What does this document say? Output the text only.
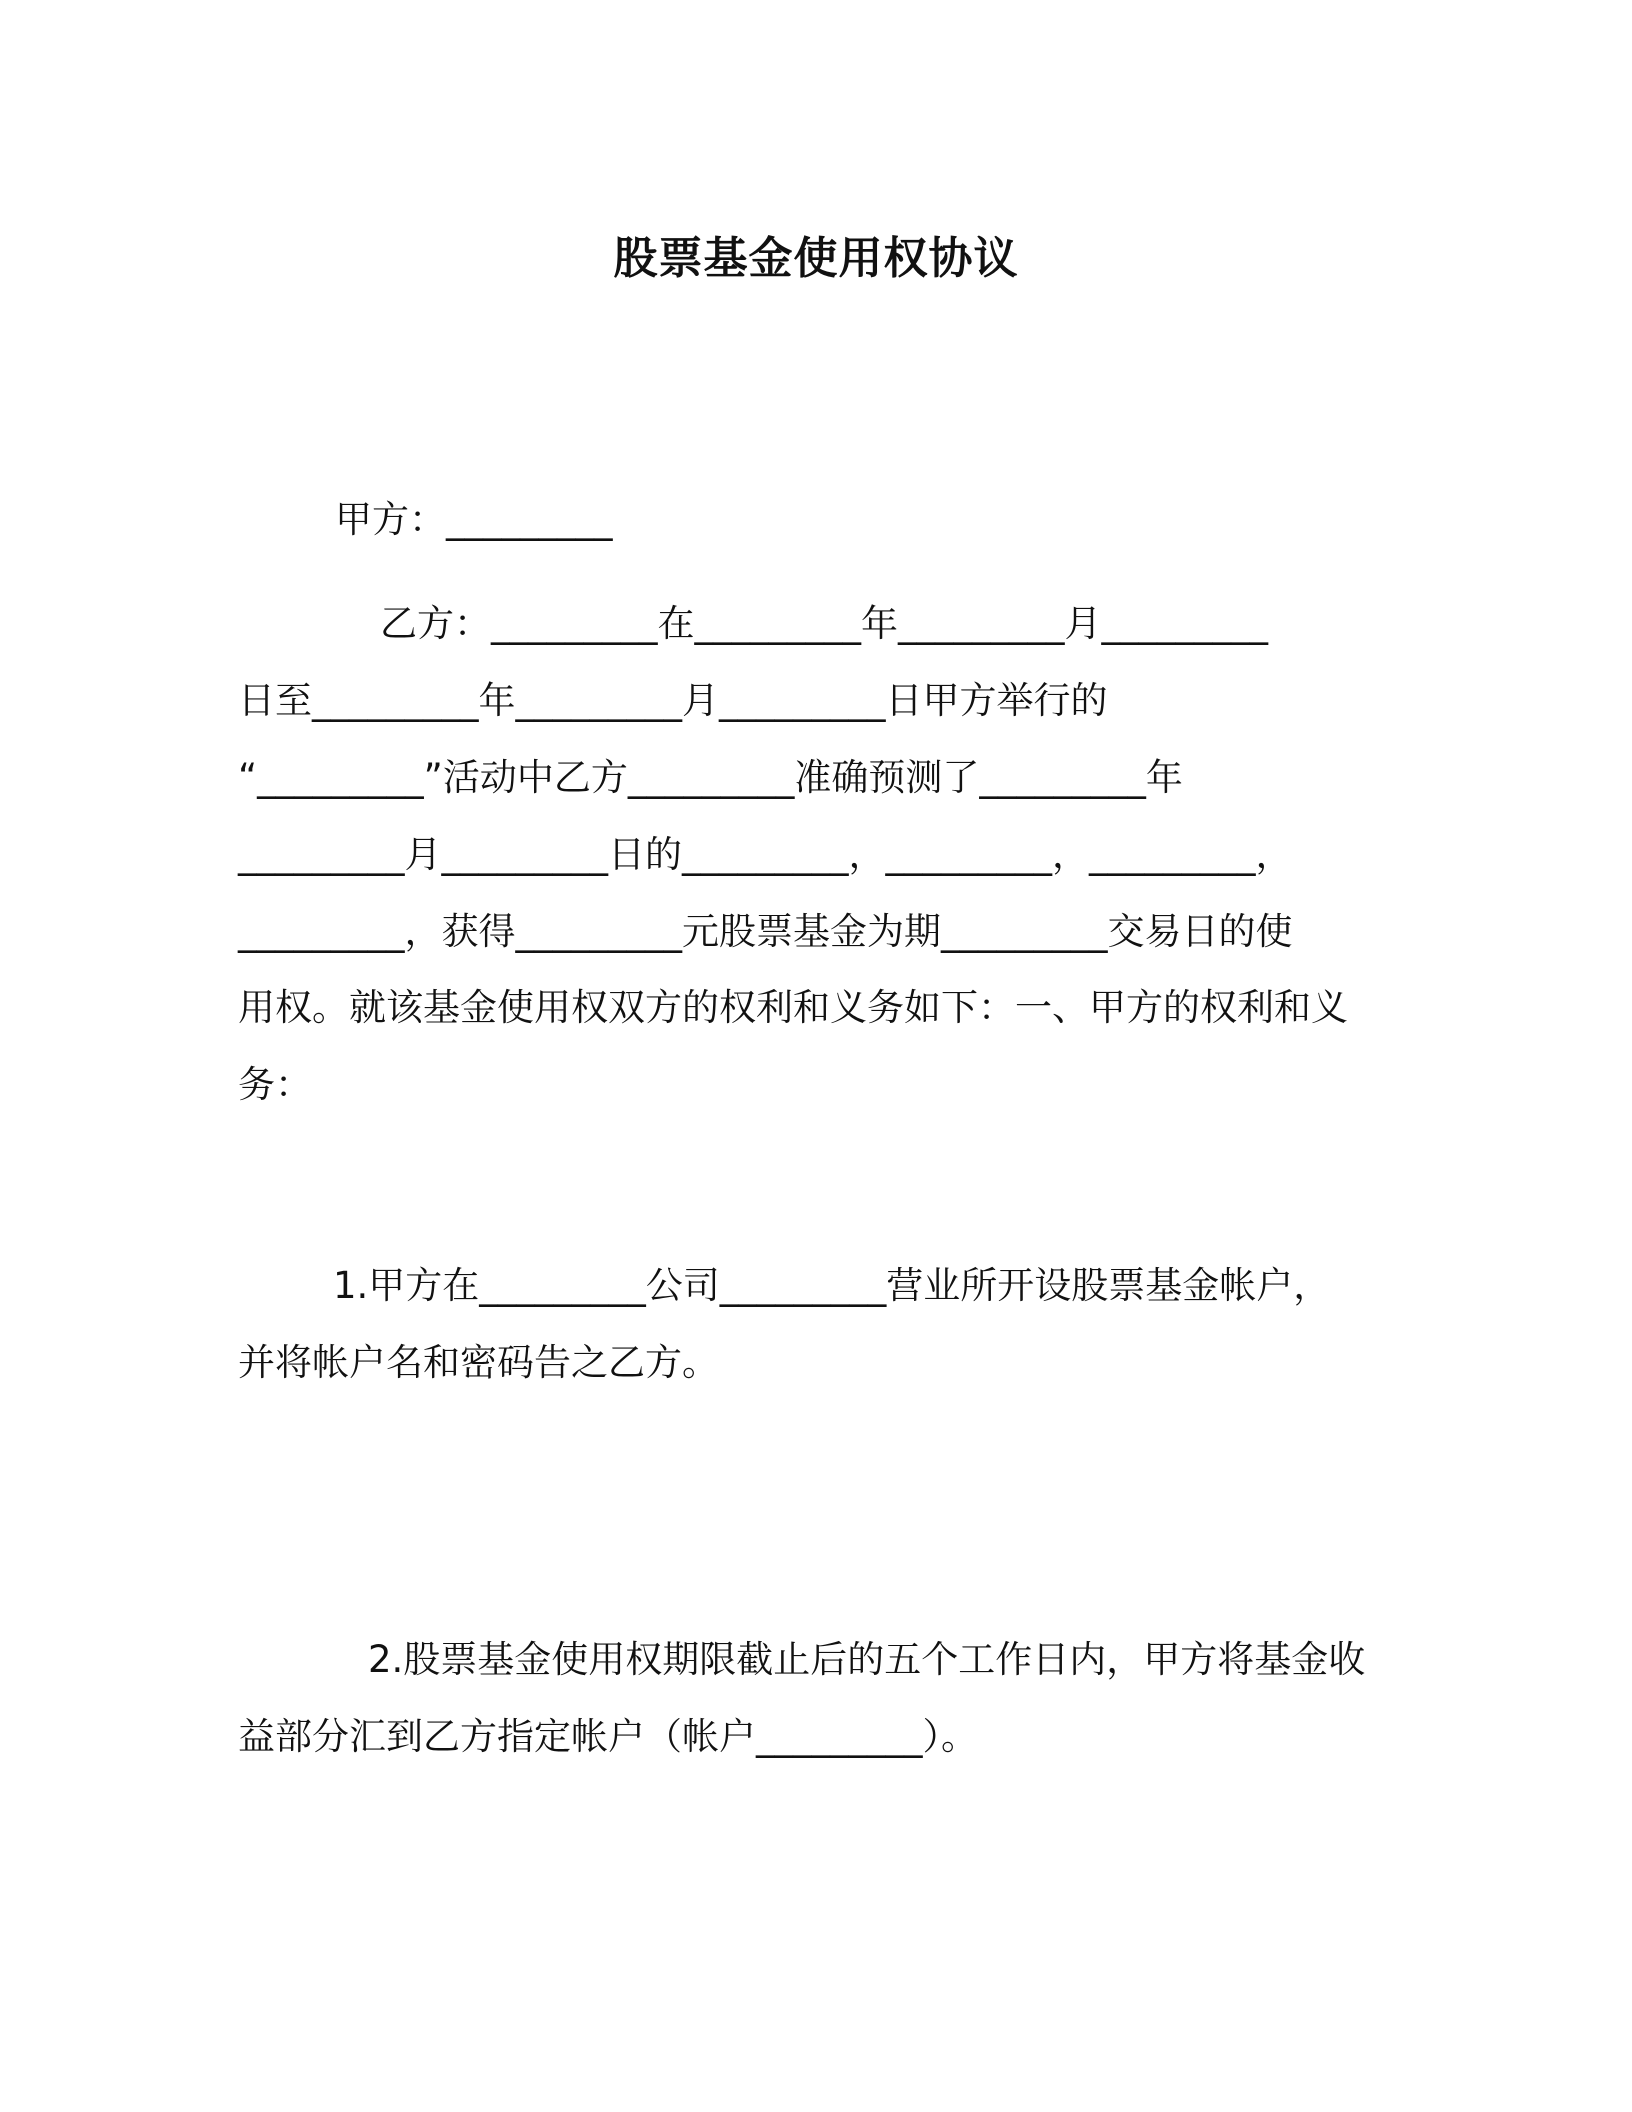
股票基金使用权协议

甲方：_________

乙方：_________在_________年_________月_________

日至_________年_________月_________日甲方举行的

“_________”活动中乙方_________准确预测了_________年

_________月_________日的_________，_________，_________，

_________，获得_________元股票基金为期_________交易日的使

用权。就该基金使用权双方的权利和义务如下：一、甲方的权利和义

务：

1.甲方在_________公司_________营业所开设股票基金帐户，

并将帐户名和密码告之乙方。

2.股票基金使用权期限截止后的五个工作日内，甲方将基金收

益部分汇到乙方指定帐户（帐户_________）。
